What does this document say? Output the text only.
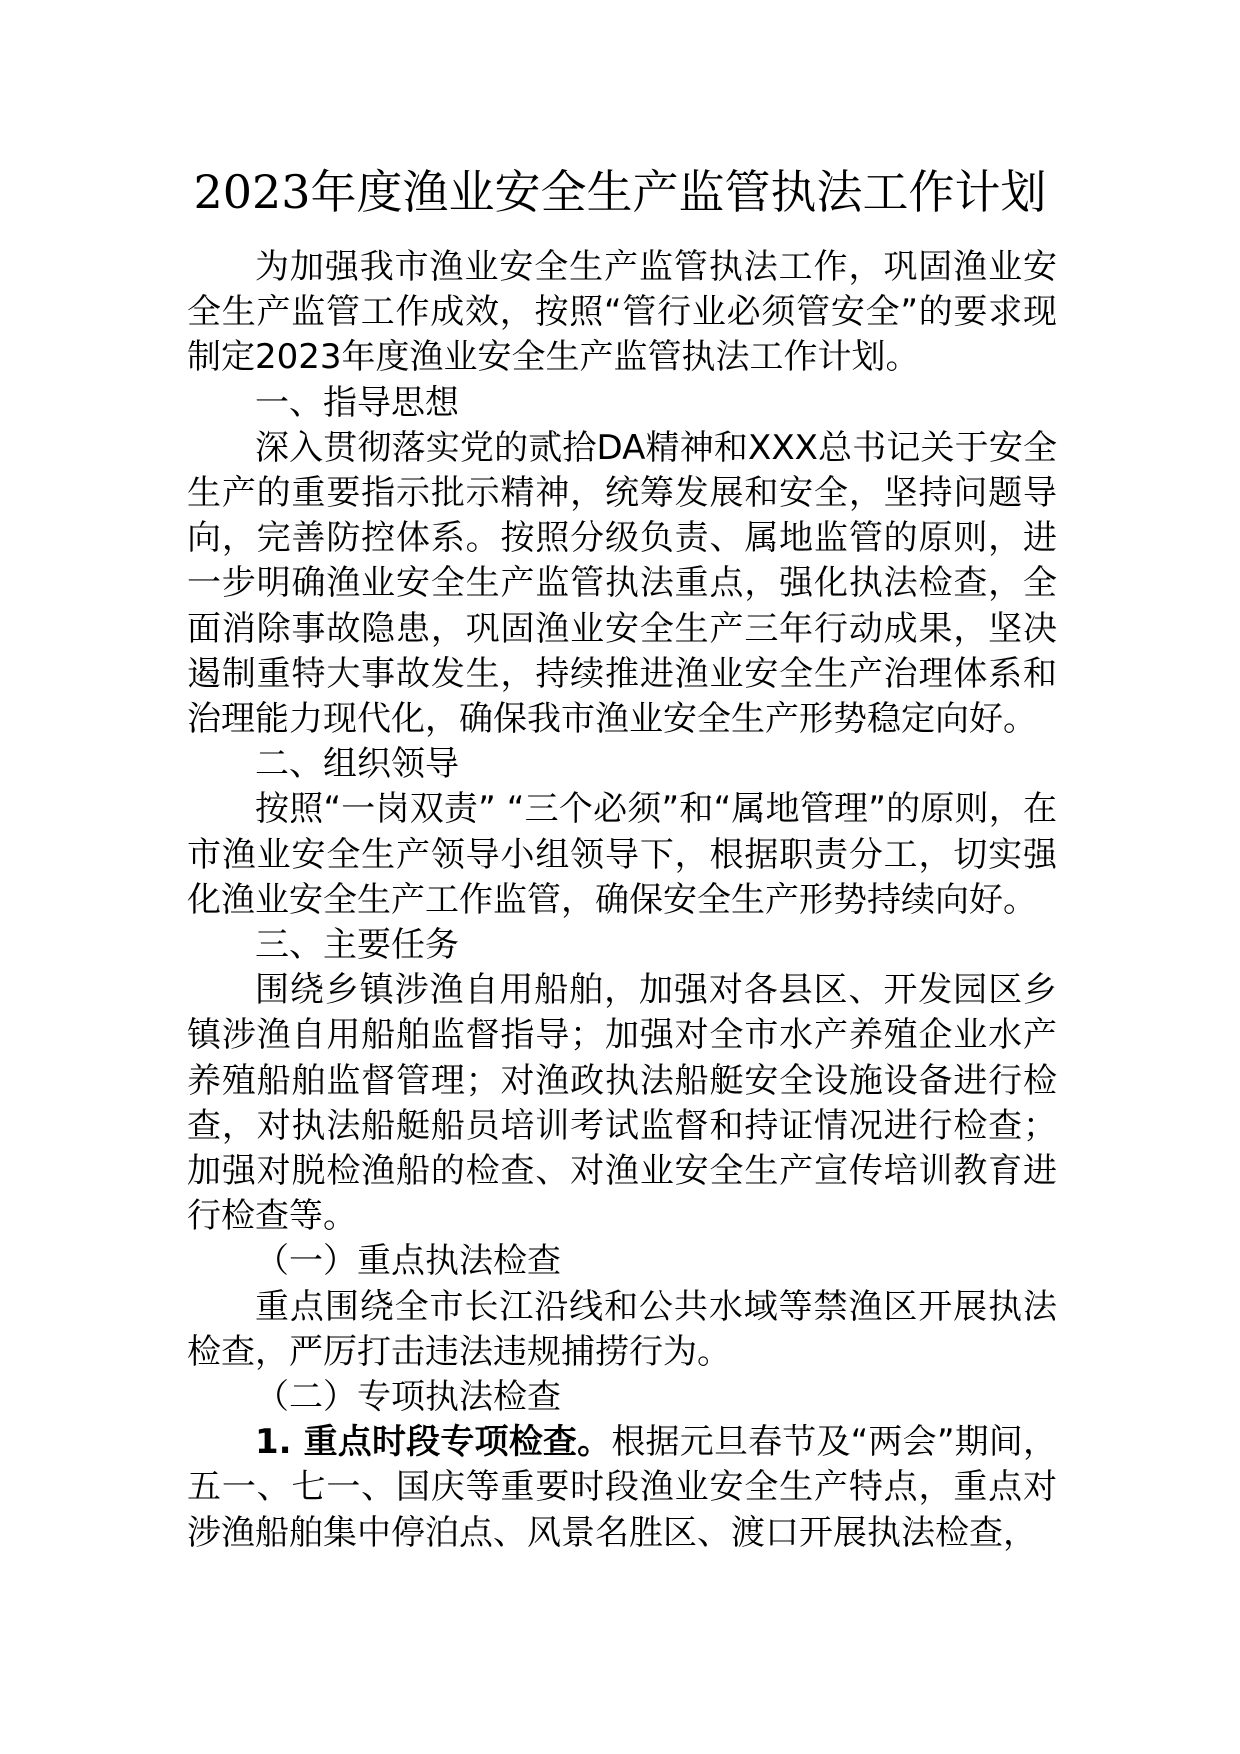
2023年度渔业安全生产监管执法工作计划

为加强我市渔业安全生产监管执法工作，巩固渔业安全生产监管工作成效，按照“管行业必须管安全”的要求现制定2023年度渔业安全生产监管执法工作计划。

一、指导思想

深入贯彻落实党的贰拾DA精神和XXX总书记关于安全生产的重要指示批示精神，统筹发展和安全，坚持问题导向，完善防控体系。按照分级负责、属地监管的原则，进一步明确渔业安全生产监管执法重点，强化执法检查，全面消除事故隐患，巩固渔业安全生产三年行动成果，坚决遏制重特大事故发生，持续推进渔业安全生产治理体系和治理能力现代化，确保我市渔业安全生产形势稳定向好。

二、组织领导

按照“一岗双责” “三个必须”和“属地管理”的原则，在市渔业安全生产领导小组领导下，根据职责分工，切实强化渔业安全生产工作监管，确保安全生产形势持续向好。

三、主要任务

围绕乡镇涉渔自用船舶，加强对各县区、开发园区乡镇涉渔自用船舶监督指导；加强对全市水产养殖企业水产养殖船舶监督管理；对渔政执法船艇安全设施设备进行检查，对执法船艇船员培训考试监督和持证情况进行检查；加强对脱检渔船的检查、对渔业安全生产宣传培训教育进行检查等。

（一）重点执法检查

重点围绕全市长江沿线和公共水域等禁渔区开展执法检查，严厉打击违法违规捕捞行为。

（二）专项执法检查

1. 重点时段专项检查。根据元旦春节及“两会”期间，五一、七一、国庆等重要时段渔业安全生产特点，重点对涉渔船舶集中停泊点、风景名胜区、渡口开展执法检查，
